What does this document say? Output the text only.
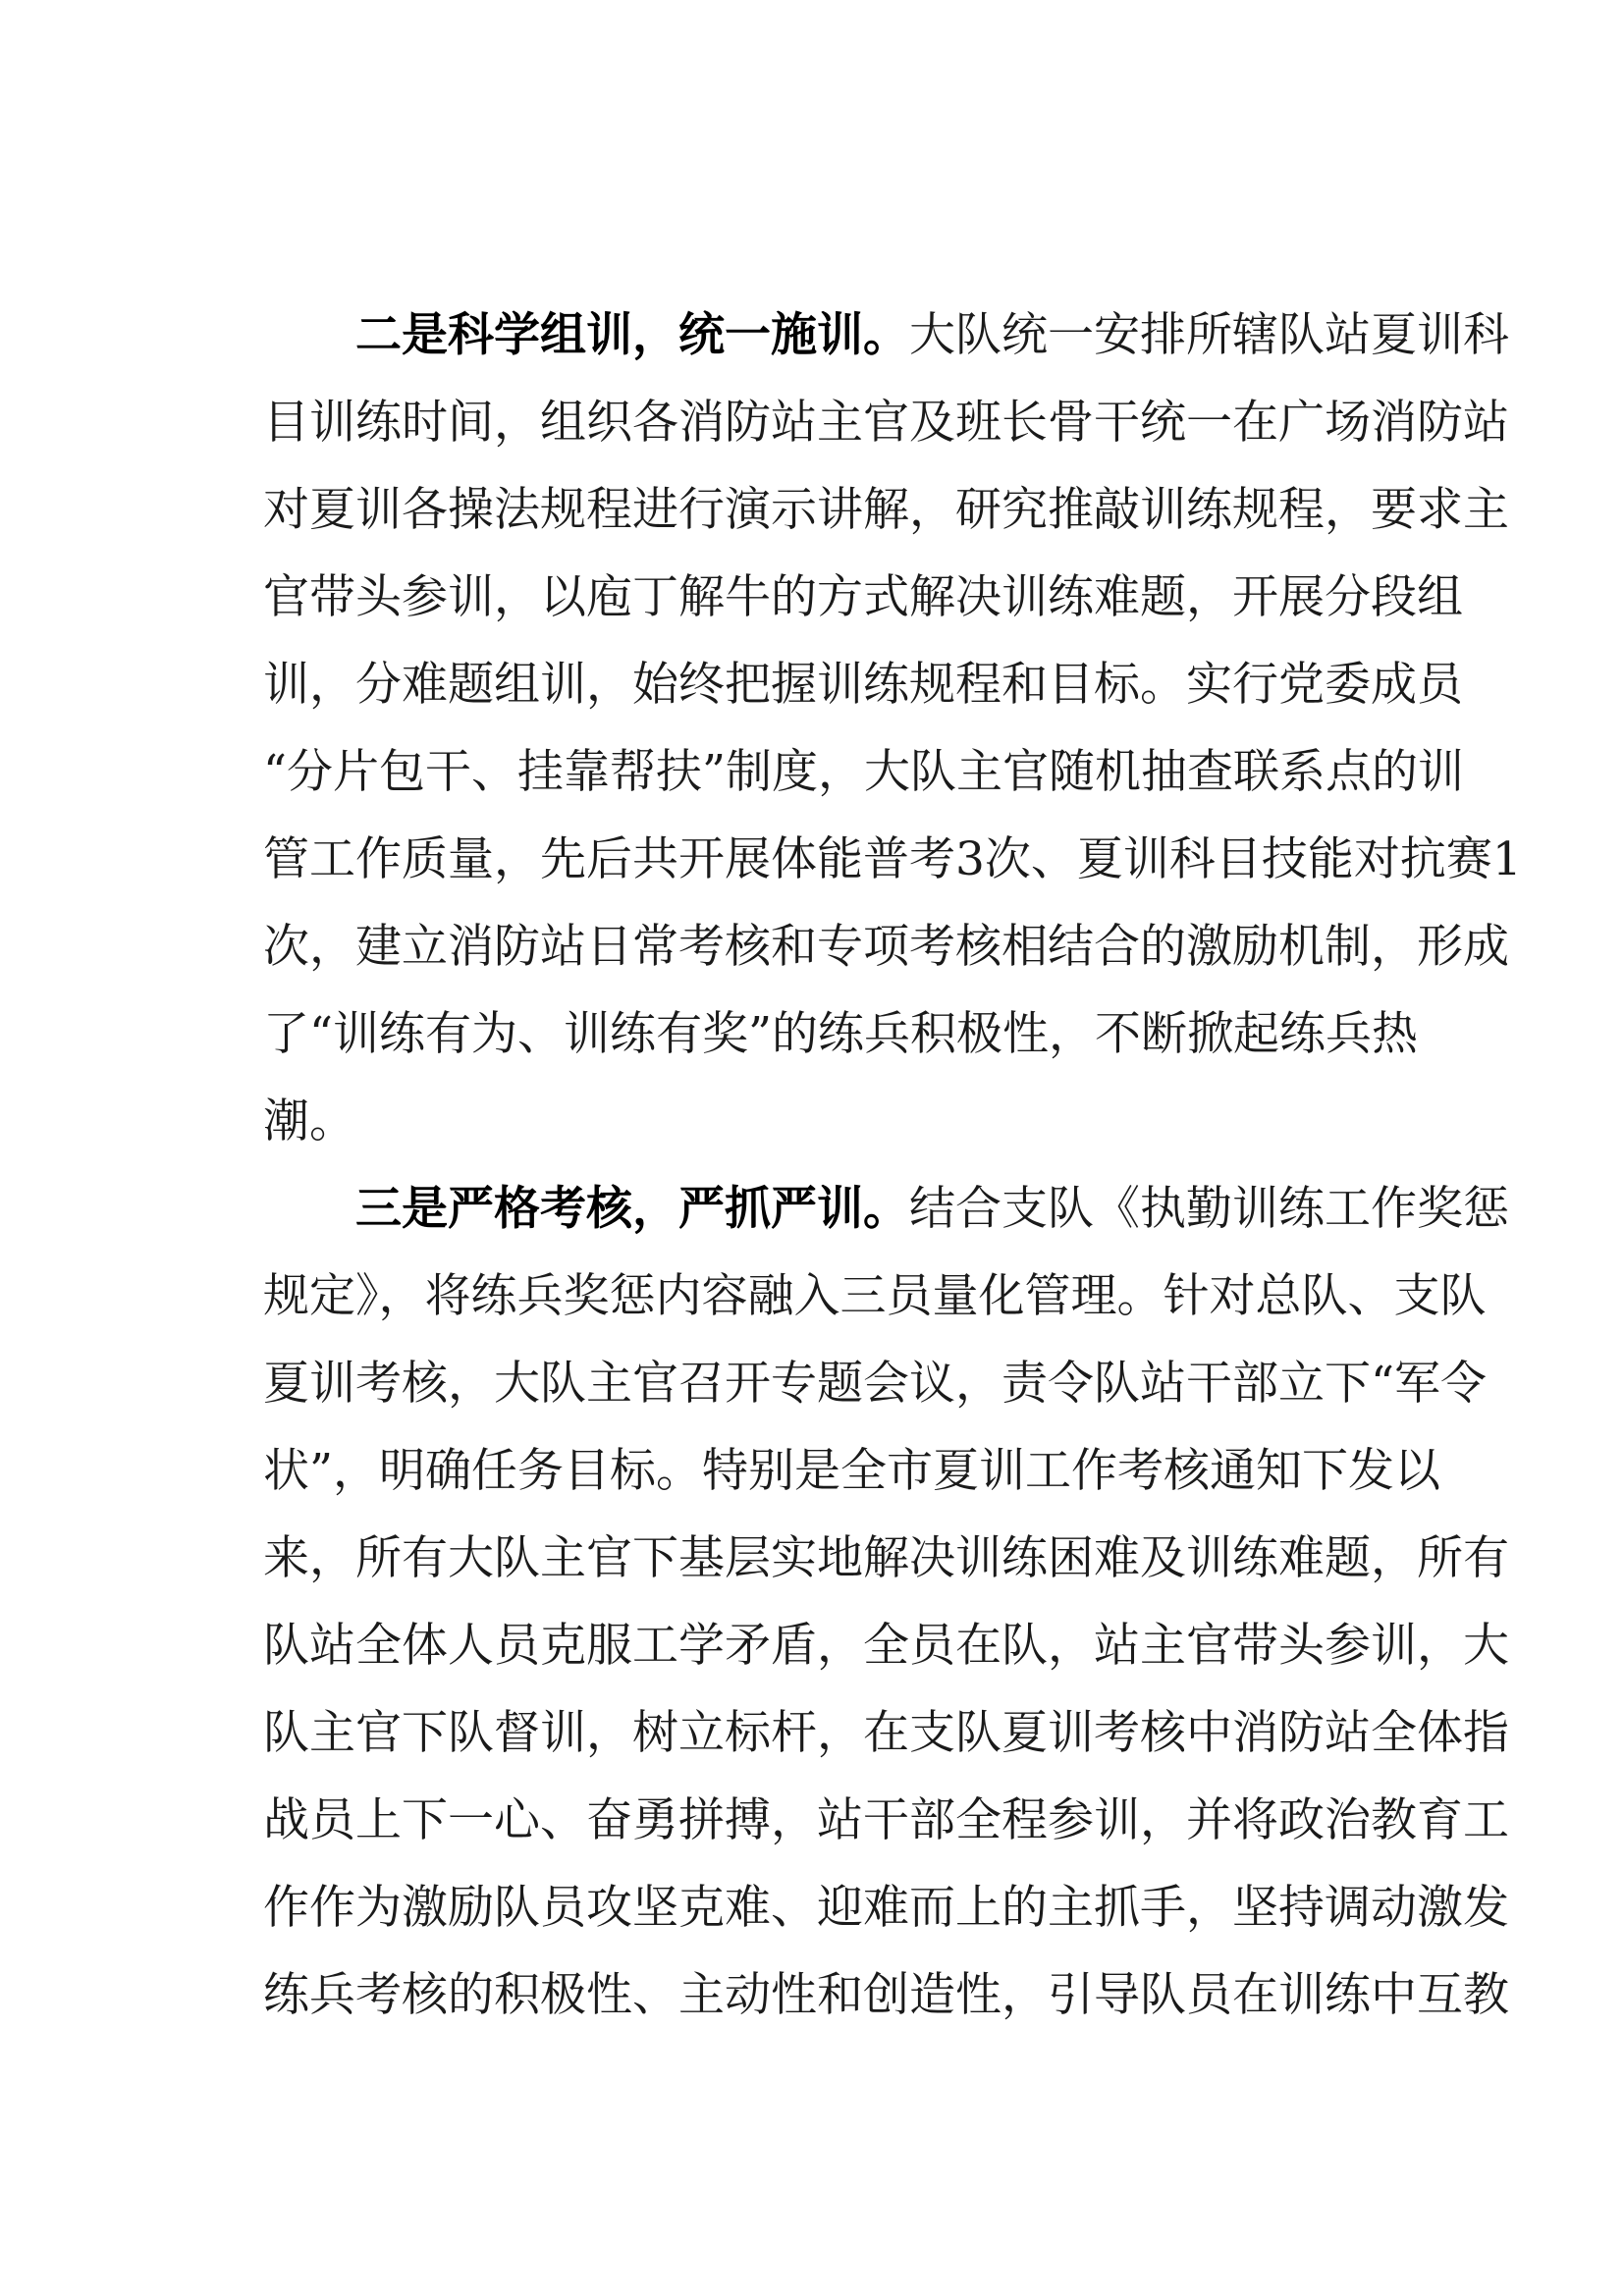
二是科学组训，统一施训。大队统一安排所辖队站夏训科
目训练时间，组织各消防站主官及班长骨干统一在广场消防站
对夏训各操法规程进行演示讲解，研究推敲训练规程，要求主
官带头参训，以庖丁解牛的方式解决训练难题，开展分段组
训，分难题组训，始终把握训练规程和目标。实行党委成员
“分片包干、挂靠帮扶”制度，大队主官随机抽查联系点的训
管工作质量，先后共开展体能普考3次、夏训科目技能对抗赛1
次，建立消防站日常考核和专项考核相结合的激励机制，形成
了“训练有为、训练有奖”的练兵积极性，不断掀起练兵热
潮。
三是严格考核，严抓严训。结合支队《执勤训练工作奖惩
规定》，将练兵奖惩内容融入三员量化管理。针对总队、支队
夏训考核，大队主官召开专题会议，责令队站干部立下“军令
状”，明确任务目标。特别是全市夏训工作考核通知下发以
来，所有大队主官下基层实地解决训练困难及训练难题，所有
队站全体人员克服工学矛盾，全员在队，站主官带头参训，大
队主官下队督训，树立标杆，在支队夏训考核中消防站全体指
战员上下一心、奋勇拼搏，站干部全程参训，并将政治教育工
作作为激励队员攻坚克难、迎难而上的主抓手，坚持调动激发
练兵考核的积极性、主动性和创造性，引导队员在训练中互教
